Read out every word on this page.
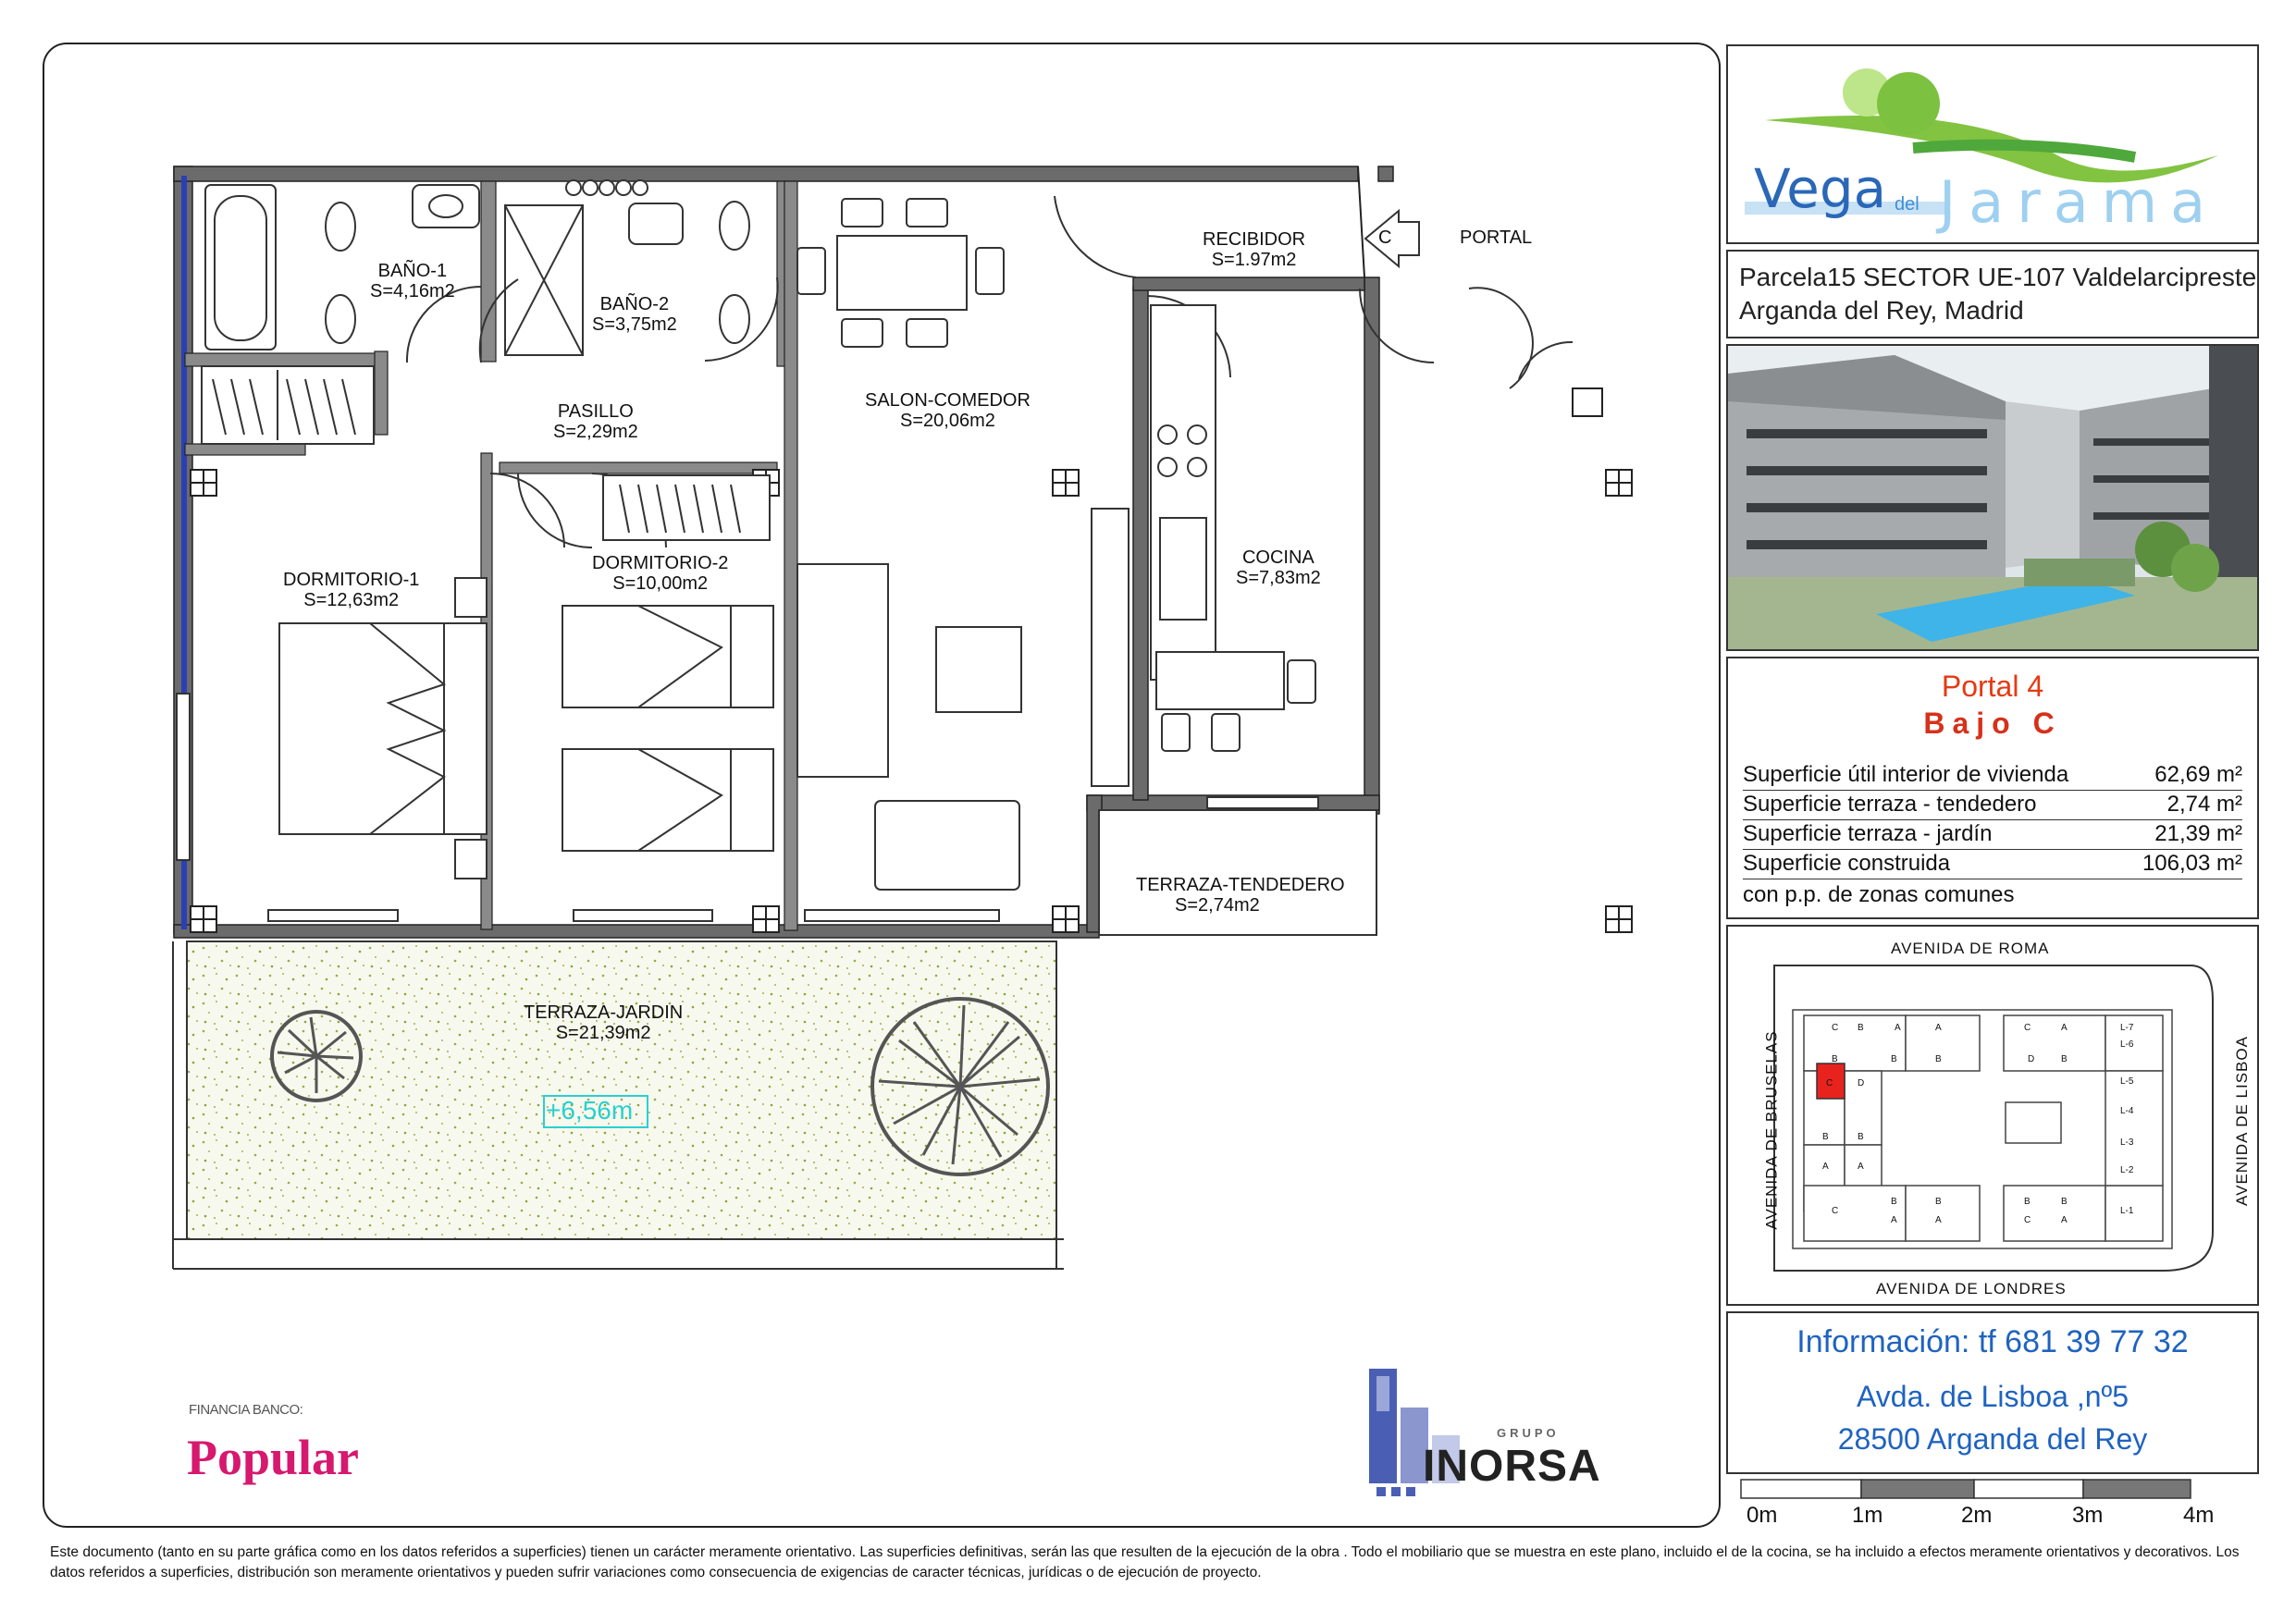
BAÑO-1
S=4,16m2
BAÑO-2
S=3,75m2
RECIBIDOR
S=1.97m2
PORTAL
C
PASILLO
S=2,29m2
SALON-COMEDOR
S=20,06m2
DORMITORIO-1
S=12,63m2
DORMITORIO-2
S=10,00m2
COCINA
S=7,83m2
TERRAZA-TENDEDERO
S=2,74m2
TERRAZA-JARDIN
S=21,39m2
+6,56m
FINANCIA BANCO:
Popular	GRUPO
INORSA
Vega del Jarama
Parcela15 SECTOR UE-107 Valdelarcipreste
Arganda del Rey, Madrid
Portal 4
Bajo C
Superficie útil interior de vivienda	62,69 m²
Superficie terraza - tendedero	2,74 m²
Superficie terraza - jardín	21,39 m²
Superficie construida	106,03 m²
con p.p. de zonas comunes
C B	A	A	C	A	L-7
B	B	B	D	B
L-6
C	D	L-5
L-4
L-3
L-2
B	B
A	A
C
B	B	B	B
L-1
A	A	C	A
AVENIDA DE ROMA
AVENIDA DE LONDRES
AVENIDA DE BRUSELAS	AVENIDA DE LISBOA
Información: tf 681 39 77 32
Avda. de Lisboa ,nº5
28500 Arganda del Rey
0m	1m	2m	3m	4m
Este documento (tanto en su parte gráfica como en los datos referidos a superficies) tienen un carácter meramente orientativo. Las superficies definitivas, serán las que resulten de la ejecución de la obra . Todo el mobiliario que se muestra en este plano, incluido el de la cocina, se ha incluido a efectos meramente orientativos y decorativos. Los datos referidos a superficies, distribución son meramente orientativos y pueden sufrir variaciones como consecuencia de exigencias de caracter técnicas, jurídicas o de ejecución de proyecto.
